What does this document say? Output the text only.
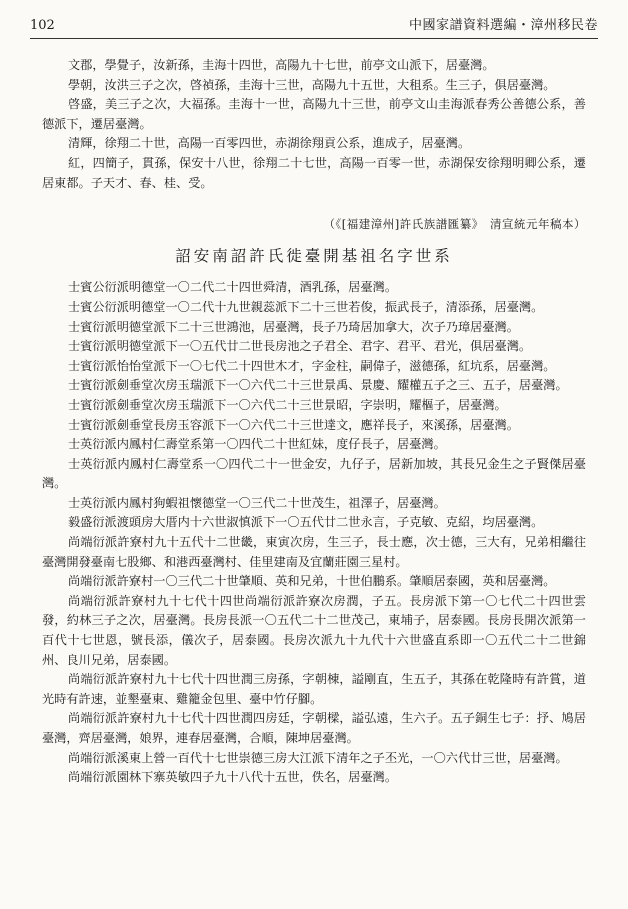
102	中國家譜資料選編・漳州移民卷

文郡，學覺子，汝新孫，圭海十四世，高陽九十七世，前亭文山派下，居臺灣。

學朝，汝洪三子之次，啓禎孫，圭海十三世，高陽九十五世，大租系。生三子，俱居臺灣。

啓盛，美三子之次，大福孫。圭海十一世，高陽九十三世，前亭文山圭海派春秀公善德公系，善德派下，遷居臺灣。

清輝，徐翔二十世，高陽一百零四世，赤湖徐翔貢公系，進成子，居臺灣。

紅，四簡子，貫孫，保安十八世，徐翔二十七世，高陽一百零一世，赤湖保安徐翔明卿公系，遷居東都。子天才、春、桂、受。

（《[福建漳州]許氏族譜匯纂》　清宣統元年稿本）

詔安南詔許氏徙臺開基祖名字世系

士賓公衍派明德堂一〇二代二十四世舜清，酒乳孫，居臺灣。

士賓公衍派明德堂一〇二代十九世親蕊派下二十三世若俊，振武長子，清添孫，居臺灣。

士賓衍派明德堂派下二十三世鴻池，居臺灣，長子乃琦居加拿大，次子乃璋居臺灣。

士賓衍派明德堂派下一〇五代廿二世長房池之子君全、君字、君平、君光，俱居臺灣。

士賓衍派怡怡堂派下一〇七代二十四世木才，字金柱，嗣偉子，滋德孫，紅坑系，居臺灣。

士賓衍派劍垂堂次房玉瑞派下一〇六代二十三世景禹、景慶、耀權五子之三、五子，居臺灣。

士賓衍派劍垂堂次房玉瑞派下一〇六代二十三世景昭，字崇明，耀樞子，居臺灣。

士賓衍派劍垂堂長房玉容派下一〇六代二十三世達文，應祥長子，來溪孫，居臺灣。

士英衍派内鳳村仁壽堂系第一〇四代二十世紅妹，度仔長子，居臺灣。

士英衍派内鳳村仁壽堂系一〇四代二十一世金安，九仔子，居新加坡，其長兄金生之子賢傑居臺灣。

士英衍派内鳳村狗蝦祖懷德堂一〇三代二十世茂生，祖澤子，居臺灣。

毅盛衍派渡頭房大厝内十六世淑慎派下一〇五代廿二世永言，子克敏、克紹，均居臺灣。

尚端衍派許寮村九十五代十二世畿，東寅次房，生三子，長士應，次士德，三大有，兄弟相繼往臺灣開發臺南七股鄉、和港西臺灣村、佳里建南及宜蘭莊園三星村。

尚端衍派許寮村一〇三代二十世肇順、英和兄弟，十世伯鵬系。肇順居泰國，英和居臺灣。

尚端衍派許寮村九十七代十四世尚端衍派許寮次房潤，子五。長房派下第一〇七代二十四世雲發，約林三子之次，居臺灣。長房長派一〇五代二十二世茂己，東埔子，居泰國。長房長開次派第一百代十七世恩，號長添，儀次子，居泰國。長房次派九十九代十六世盛直系即一〇五代二十二世錦州、良川兄弟，居泰國。

尚端衍派許寮村九十七代十四世潤三房孫，字朝棟，謚剛直，生五子，其孫在乾隆時有許賞，道光時有許速，並墾臺東、雞籠金包里、臺中竹仔腳。

尚端衍派許寮村九十七代十四世潤四房廷，字朝樑，謚弘遠，生六子。五子銅生七子：抒、鳩居臺灣，齊居臺灣，娘界，連春居臺灣，合順，陳坤居臺灣。

尚端衍派溪東上營一百代十七世崇德三房大江派下清年之子丕光，一〇六代廿三世，居臺灣。

尚端衍派園林下寨英敏四子九十八代十五世，佚名，居臺灣。
